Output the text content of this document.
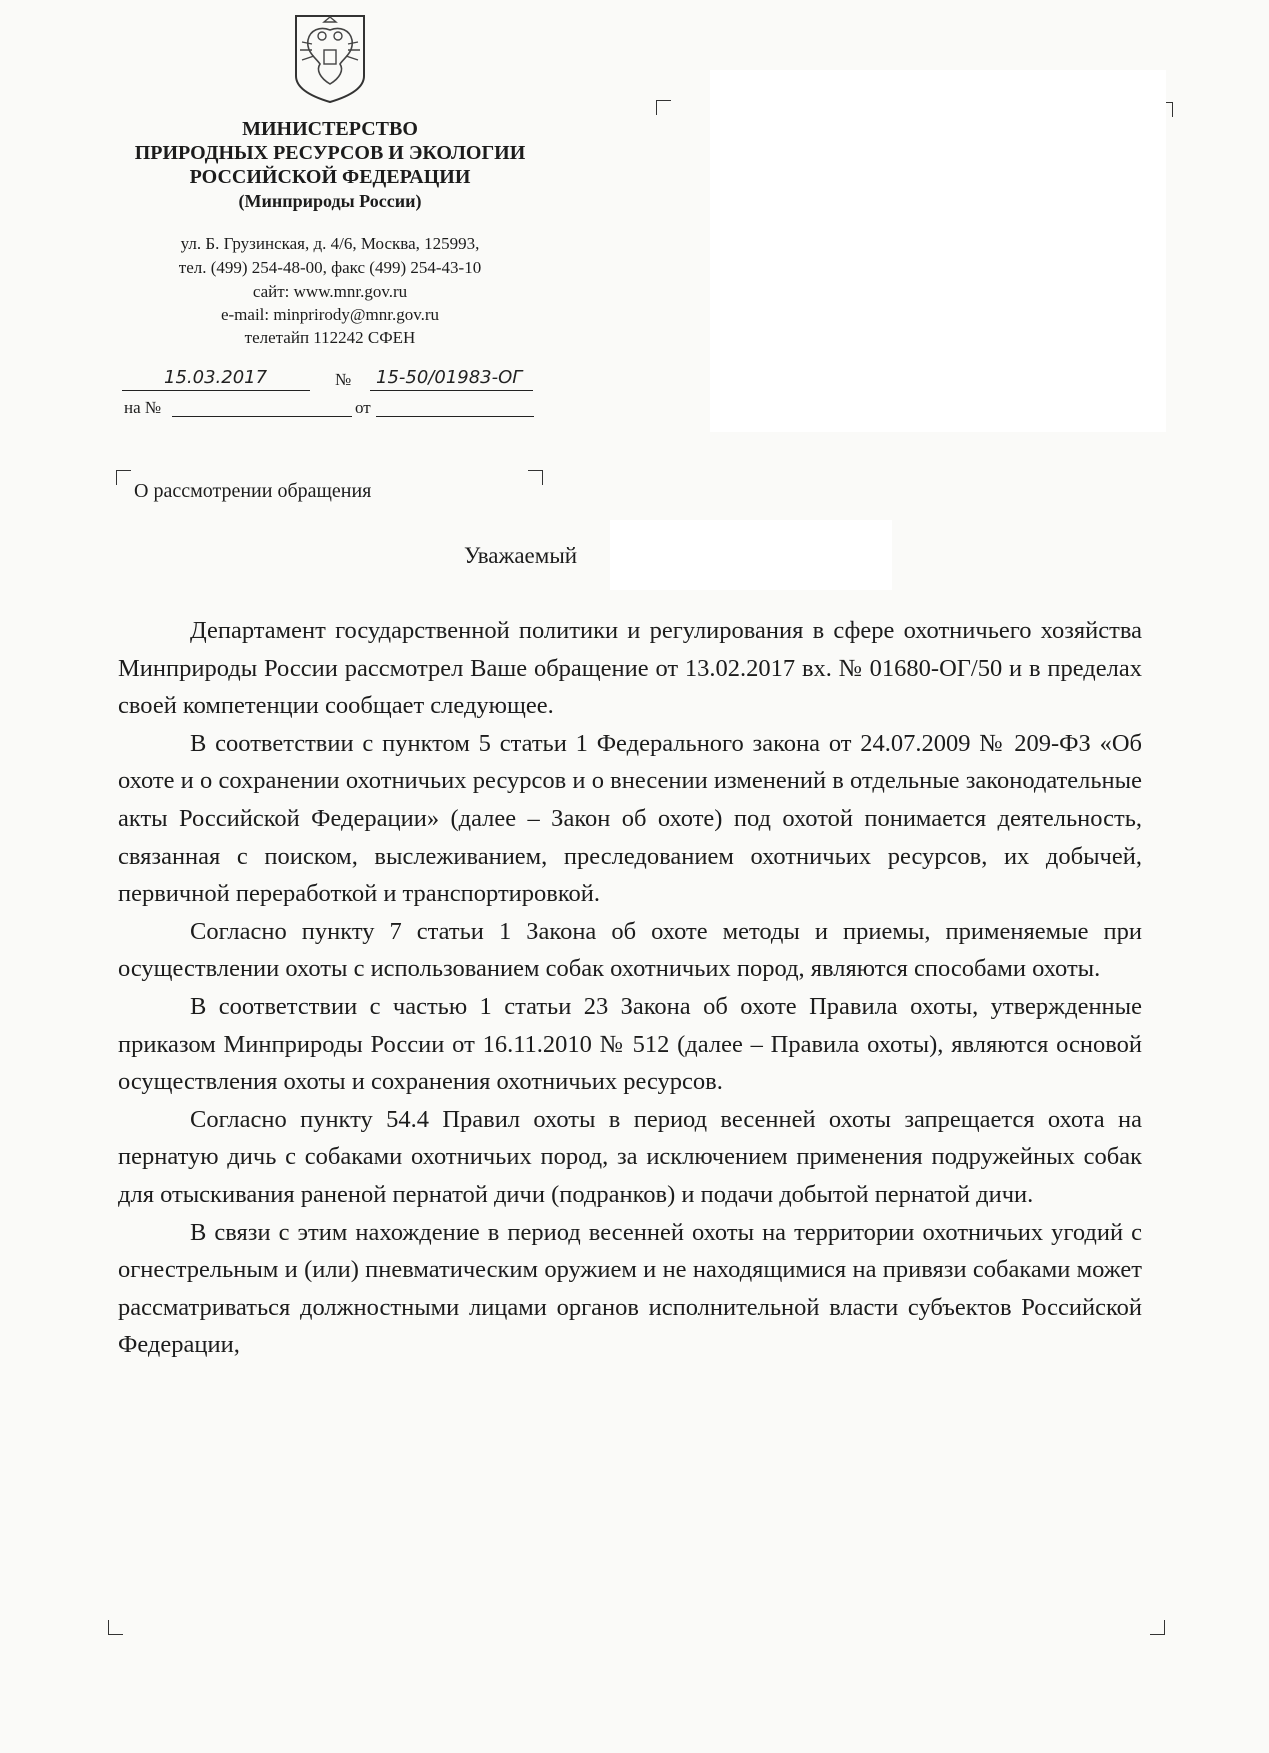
МИНИСТЕРСТВО
ПРИРОДНЫХ РЕСУРСОВ И ЭКОЛОГИИ
РОССИЙСКОЙ ФЕДЕРАЦИИ
(Минприроды России)
ул. Б. Грузинская, д. 4/6, Москва, 125993,
тел. (499) 254-48-00, факс (499) 254-43-10
сайт: www.mnr.gov.ru
e-mail: minprirody@mnr.gov.ru
телетайп 112242 СФЕН
15.03.2017	№ 15-50/01983-ОГ
на №	от
О рассмотрении обращения
Уважаемый

Департамент государственной политики и регулирования в сфере охотничьего хозяйства Минприроды России рассмотрел Ваше обращение от 13.02.2017 вх. № 01680-ОГ/50 и в пределах своей компетенции сообщает следующее.

В соответствии с пунктом 5 статьи 1 Федерального закона от 24.07.2009 № 209-ФЗ «Об охоте и о сохранении охотничьих ресурсов и о внесении изменений в отдельные законодательные акты Российской Федерации» (далее – Закон об охоте) под охотой понимается деятельность, связанная с поиском, выслеживанием, преследованием охотничьих ресурсов, их добычей, первичной переработкой и транспортировкой.

Согласно пункту 7 статьи 1 Закона об охоте методы и приемы, применяемые при осуществлении охоты с использованием собак охотничьих пород, являются способами охоты.

В соответствии с частью 1 статьи 23 Закона об охоте Правила охоты, утвержденные приказом Минприроды России от 16.11.2010 № 512 (далее – Правила охоты), являются основой осуществления охоты и сохранения охотничьих ресурсов.

Согласно пункту 54.4 Правил охоты в период весенней охоты запрещается охота на пернатую дичь с собаками охотничьих пород, за исключением применения подружейных собак для отыскивания раненой пернатой дичи (подранков) и подачи добытой пернатой дичи.

В связи с этим нахождение в период весенней охоты на территории охотничьих угодий с огнестрельным и (или) пневматическим оружием и не находящимися на привязи собаками может рассматриваться должностными лицами органов исполнительной власти субъектов Российской Федерации,
